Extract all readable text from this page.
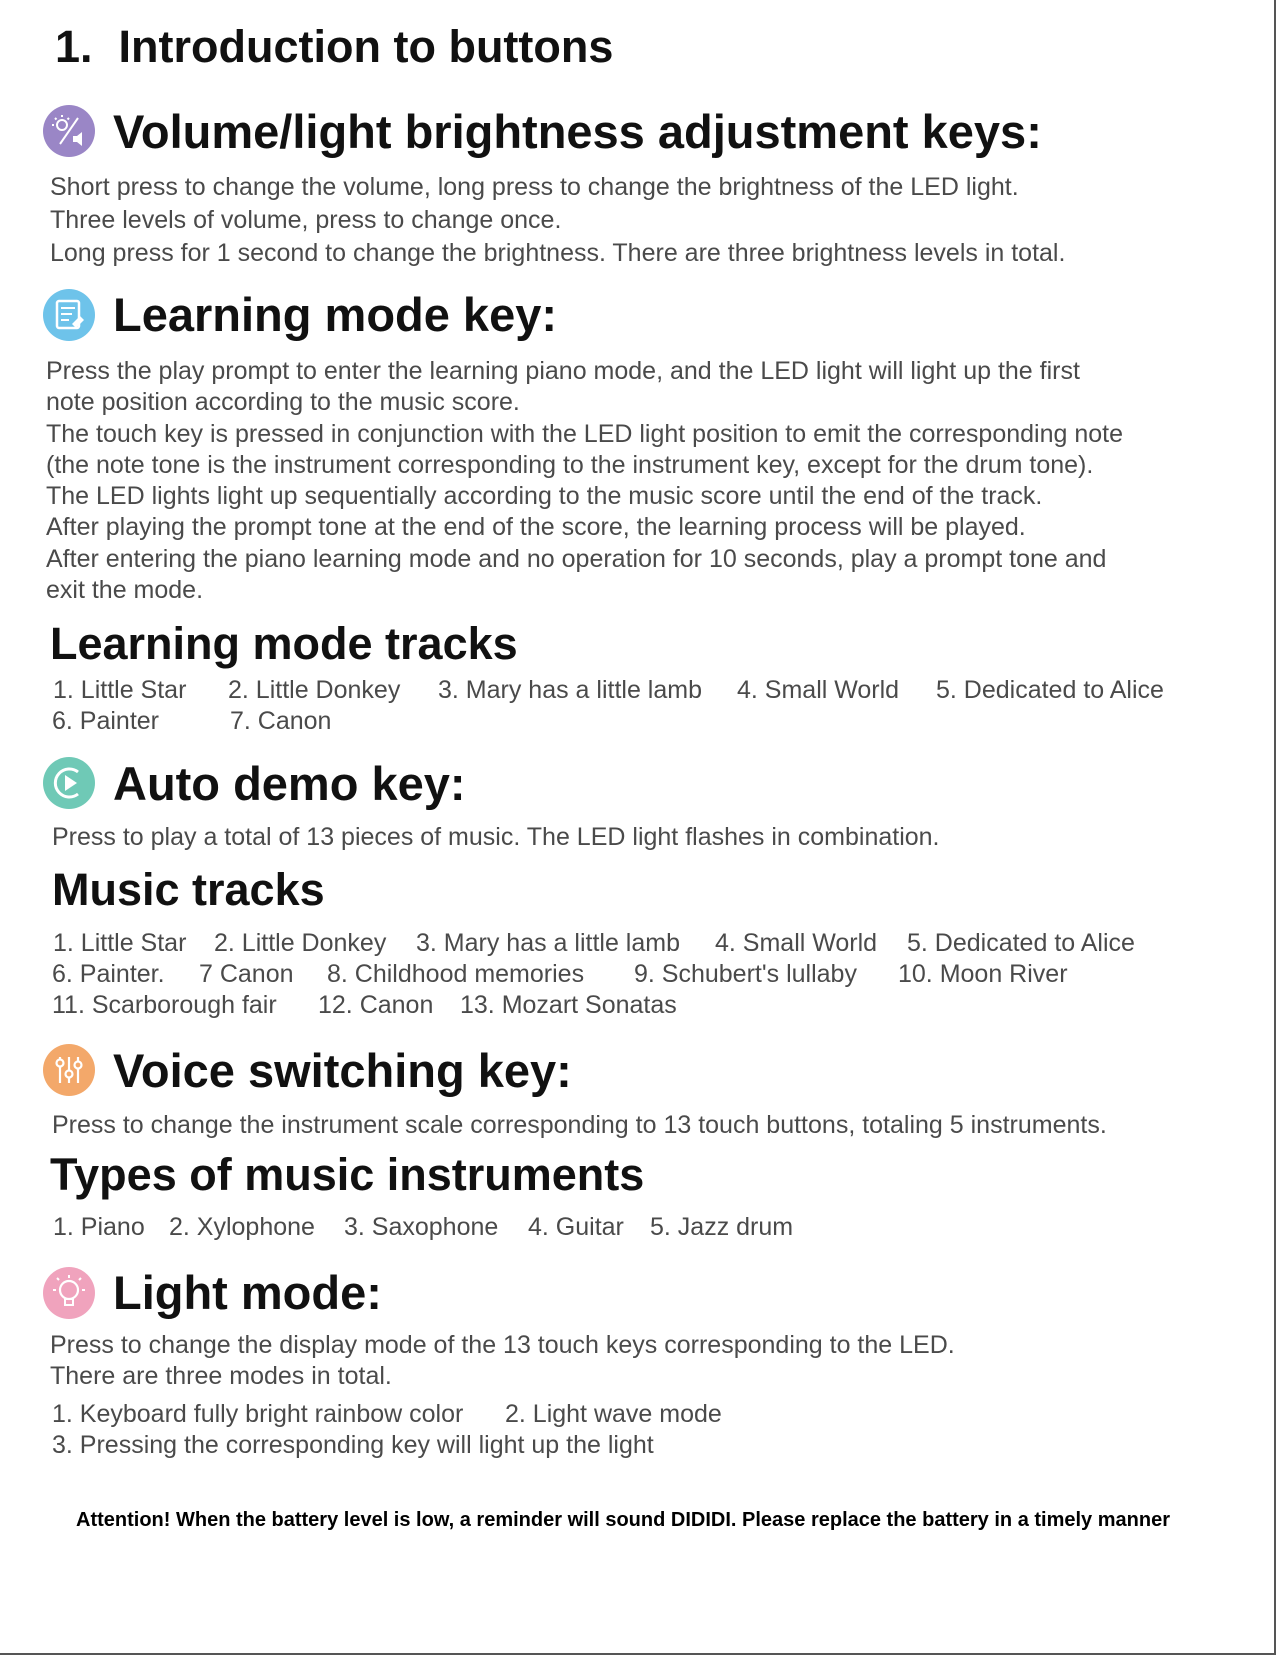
1. Introduction to buttons
Volume/light brightness adjustment keys:
Short press to change the volume, long press to change the brightness of the LED light.
Three levels of volume, press to change once.
Long press for 1 second to change the brightness. There are three brightness levels in total.
Learning mode key:
Press the play prompt to enter the learning piano mode, and the LED light will light up the first
note position according to the music score.
The touch key is pressed in conjunction with the LED light position to emit the corresponding note
(the note tone is the instrument corresponding to the instrument key, except for the drum tone).
The LED lights light up sequentially according to the music score until the end of the track.
After playing the prompt tone at the end of the score, the learning process will be played.
After entering the piano learning mode and no operation for 10 seconds, play a prompt tone and
exit the mode.
Learning mode tracks
1. Little Star 2. Little Donkey 3. Mary has a little lamb 4. Small World 5. Dedicated to Alice
6. Painter	7. Canon
Auto demo key:
Press to play a total of 13 pieces of music. The LED light flashes in combination.
Music tracks
1. Little Star 2. Little Donkey 3. Mary has a little lamb 4. Small World 5. Dedicated to Alice
6. Painter. 7 Canon 8. Childhood memories 9. Schubert's lullaby 10. Moon River
11. Scarborough fair 12. Canon 13. Mozart Sonatas
Voice switching key:
Press to change the instrument scale corresponding to 13 touch buttons, totaling 5 instruments.
Types of music instruments
1. Piano 2. Xylophone 3. Saxophone 4. Guitar 5. Jazz drum
Light mode:
Press to change the display mode of the 13 touch keys corresponding to the LED.
There are three modes in total.
1. Keyboard fully bright rainbow color 2. Light wave mode
3. Pressing the corresponding key will light up the light
Attention! When the battery level is low, a reminder will sound DIDIDI. Please replace the battery in a timely manner
